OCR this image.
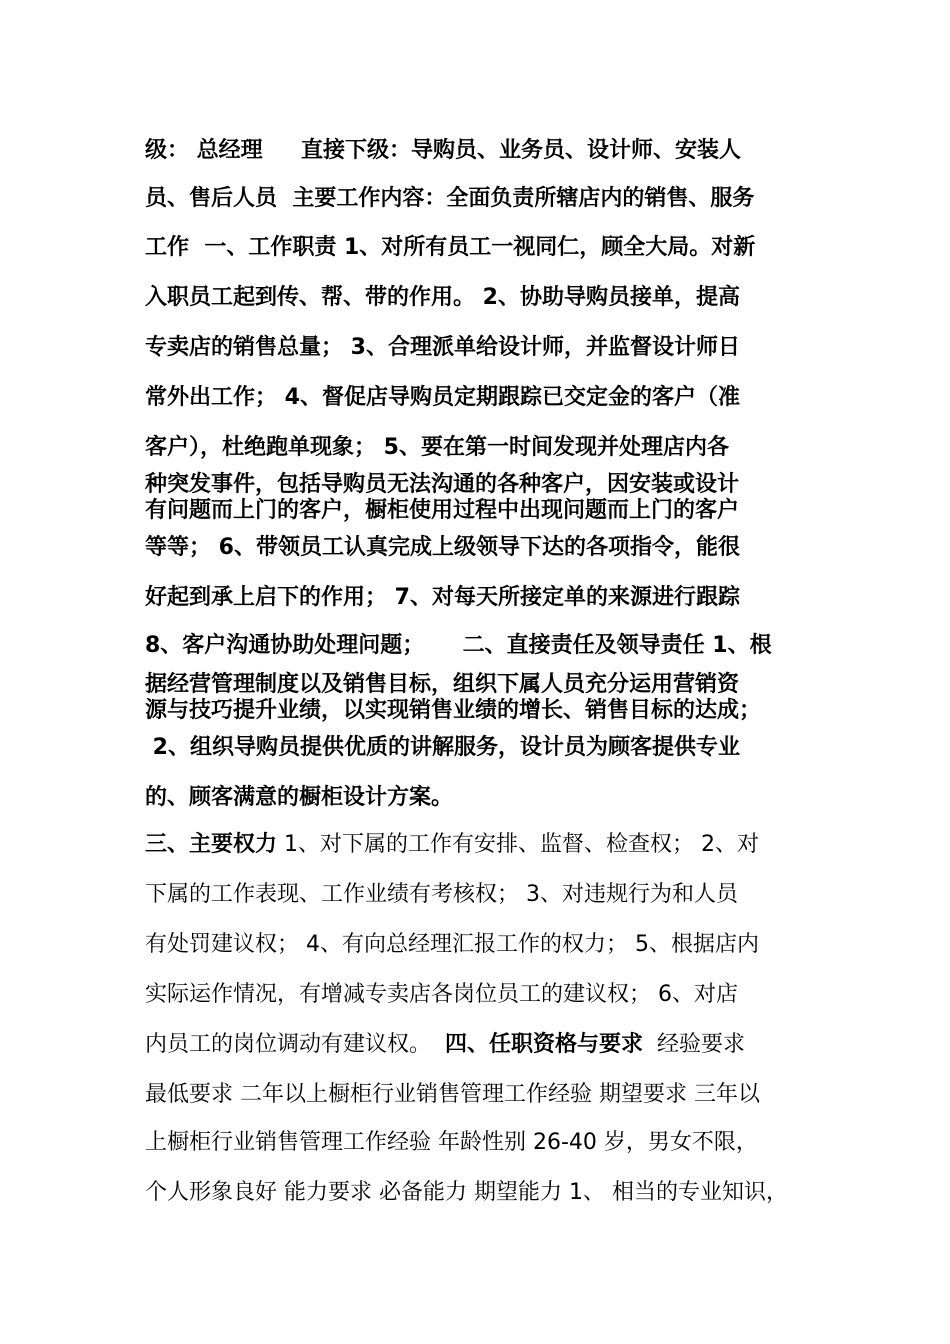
级： 总经理     直接下级：导购员、业务员、设计师、安装人
员、售后人员  主要工作内容：全面负责所辖店内的销售、服务
工作  一、工作职责 1、对所有员工一视同仁，顾全大局。对新
入职员工起到传、帮、带的作用。 2、协助导购员接单，提高
专卖店的销售总量； 3、合理派单给设计师，并监督设计师日
常外出工作； 4、督促店导购员定期跟踪已交定金的客户（准
客户），杜绝跑单现象； 5、要在第一时间发现并处理店内各
种突发事件，包括导购员无法沟通的各种客户，因安装或设计
有问题而上门的客户，橱柜使用过程中出现问题而上门的客户
等等； 6、带领员工认真完成上级领导下达的各项指令，能很
好起到承上启下的作用； 7、对每天所接定单的来源进行跟踪
8、客户沟通协助处理问题；     二、直接责任及领导责任 1、根
据经营管理制度以及销售目标，组织下属人员充分运用营销资
源与技巧提升业绩，以实现销售业绩的增长、销售目标的达成；
2、组织导购员提供优质的讲解服务，设计员为顾客提供专业
的、顾客满意的橱柜设计方案。
三、主要权力 1、对下属的工作有安排、监督、检查权； 2、对
下属的工作表现、工作业绩有考核权； 3、对违规行为和人员
有处罚建议权； 4、有向总经理汇报工作的权力； 5、根据店内
实际运作情况，有增减专卖店各岗位员工的建议权； 6、对店
内员工的岗位调动有建议权。  四、任职资格与要求  经验要求
最低要求 二年以上橱柜行业销售管理工作经验 期望要求 三年以
上橱柜行业销售管理工作经验 年龄性别 26-40 岁，男女不限，
个人形象良好 能力要求 必备能力 期望能力 1、 相当的专业知识，
